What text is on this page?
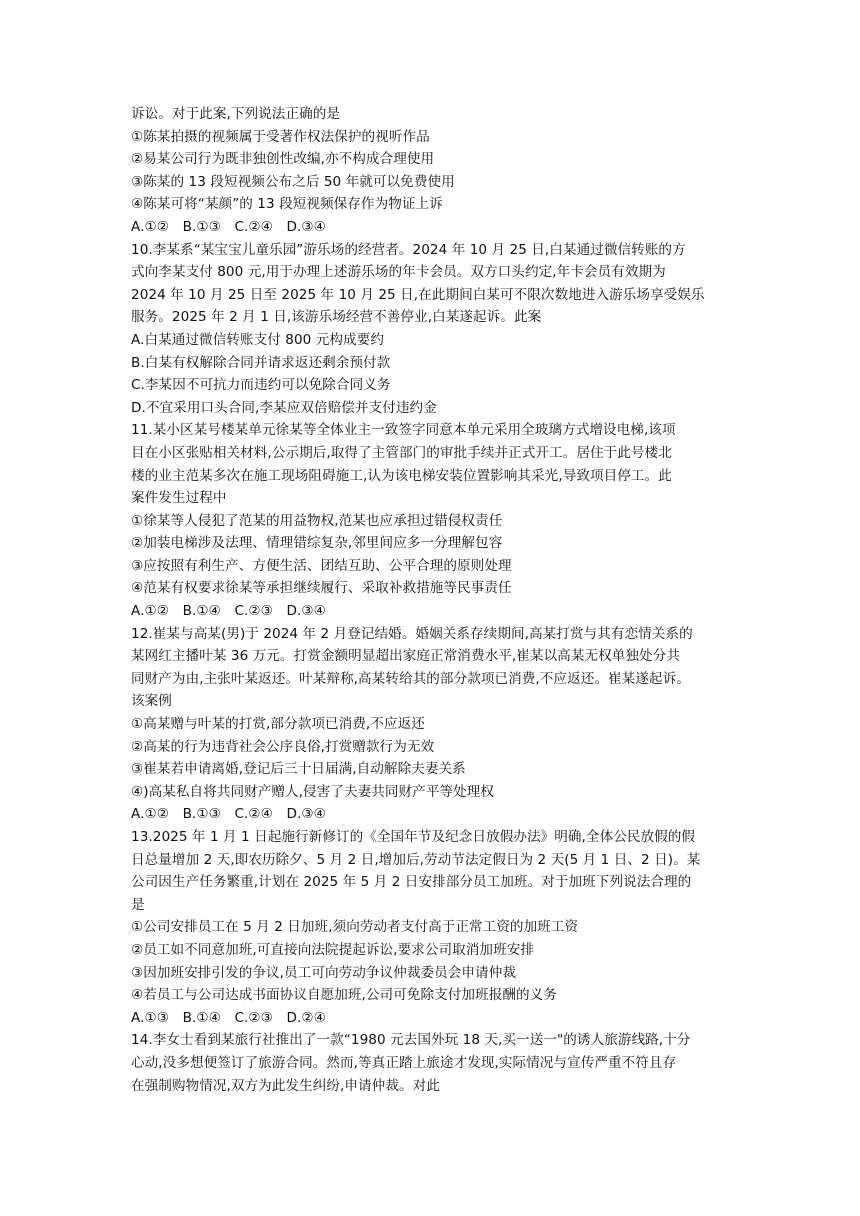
诉讼。对于此案,下列说法正确的是
①陈某拍摄的视频属于受著作权法保护的视听作品
②易某公司行为既非独创性改编,亦不构成合理使用
③陈某的 13 段短视频公布之后 50 年就可以免费使用
④陈某可将“某颜”的 13 段短视频保存作为物证上诉
A.①②　B.①③　C.②④　D.③④
10.李某系“某宝宝儿童乐园”游乐场的经营者。2024 年 10 月 25 日,白某通过微信转账的方
式向李某支付 800 元,用于办理上述游乐场的年卡会员。双方口头约定,年卡会员有效期为
2024 年 10 月 25 日至 2025 年 10 月 25 日,在此期间白某可不限次数地进入游乐场享受娱乐
服务。2025 年 2 月 1 日,该游乐场经营不善停业,白某遂起诉。此案
A.白某通过微信转账支付 800 元构成要约
B.白某有权解除合同并请求返还剩余预付款
C.李某因不可抗力而违约可以免除合同义务
D.不宜采用口头合同,李某应双倍赔偿并支付违约金
11.某小区某号楼某单元徐某等全体业主一致签字同意本单元采用全玻璃方式增设电梯,该项
目在小区张贴相关材料,公示期后,取得了主管部门的审批手续并正式开工。居住于此号楼北
楼的业主范某多次在施工现场阻碍施工,认为该电梯安装位置影响其采光,导致项目停工。此
案件发生过程中
①徐某等人侵犯了范某的用益物权,范某也应承担过错侵权责任
②加装电梯涉及法理、情理错综复杂,邻里间应多一分理解包容
③应按照有利生产、方便生活、团结互助、公平合理的原则处理
④范某有权要求徐某等承担继续履行、采取补救措施等民事责任
A.①②　B.①④　C.②③　D.③④
12.崔某与高某(男)于 2024 年 2 月登记结婚。婚姻关系存续期间,高某打赏与其有恋情关系的
某网红主播叶某 36 万元。打赏金额明显超出家庭正常消费水平,崔某以高某无权单独处分共
同财产为由,主张叶某返还。叶某辩称,高某转给其的部分款项已消费,不应返还。崔某遂起诉。
该案例
①高某赠与叶某的打赏,部分款项已消费,不应返还
②高某的行为违背社会公序良俗,打赏赠款行为无效
③崔某若申请离婚,登记后三十日届满,自动解除夫妻关系
④)高某私自将共同财产赠人,侵害了夫妻共同财产平等处理权
A.①②　B.①③　C.②④　D.③④
13.2025 年 1 月 1 日起施行新修订的《全国年节及纪念日放假办法》明确,全体公民放假的假
日总量增加 2 天,即农历除夕、5 月 2 日,增加后,劳动节法定假日为 2 天(5 月 1 日、2 日)。某
公司因生产任务繁重,计划在 2025 年 5 月 2 日安排部分员工加班。对于加班下列说法合理的
是
①公司安排员工在 5 月 2 日加班,须向劳动者支付高于正常工资的加班工资
②员工如不同意加班,可直接向法院提起诉讼,要求公司取消加班安排
③因加班安排引发的争议,员工可向劳动争议仲裁委员会申请仲裁
④若员工与公司达成书面协议自愿加班,公司可免除支付加班报酬的义务
A.①③　B.①④　C.②③　D.②④
14.李女士看到某旅行社推出了一款“1980 元去国外玩 18 天,买一送一"的诱人旅游线路,十分
心动,没多想便签订了旅游合同。然而,等真正踏上旅途才发现,实际情况与宣传严重不符且存
在强制购物情况,双方为此发生纠纷,申请仲裁。对此
